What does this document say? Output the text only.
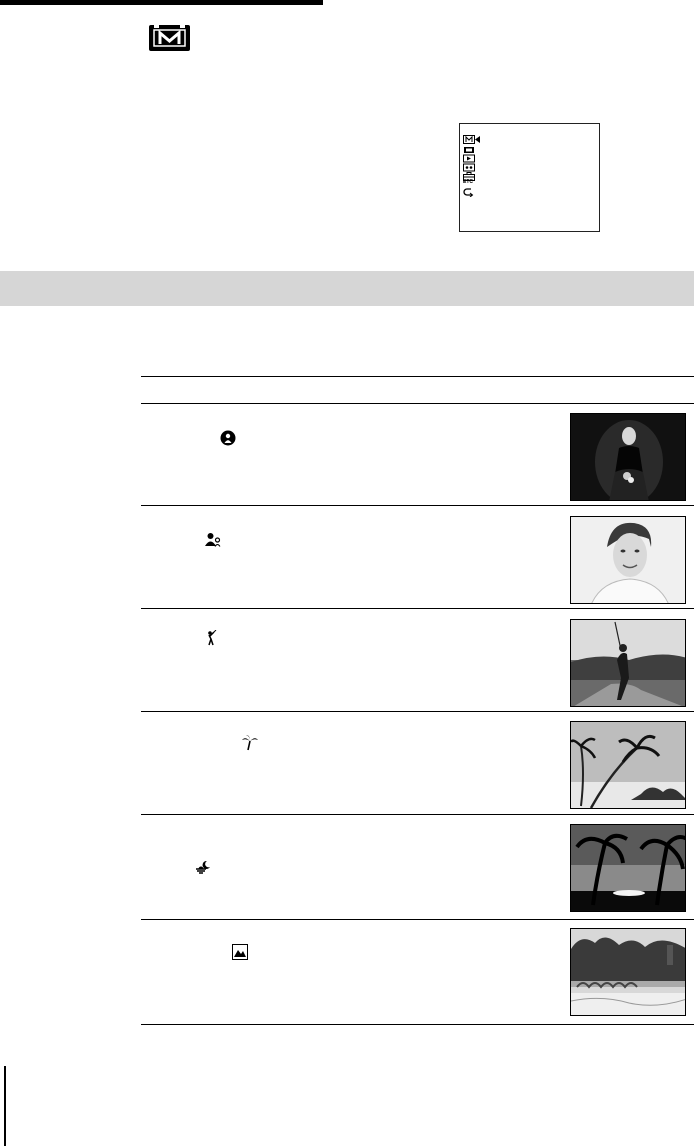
ETC
